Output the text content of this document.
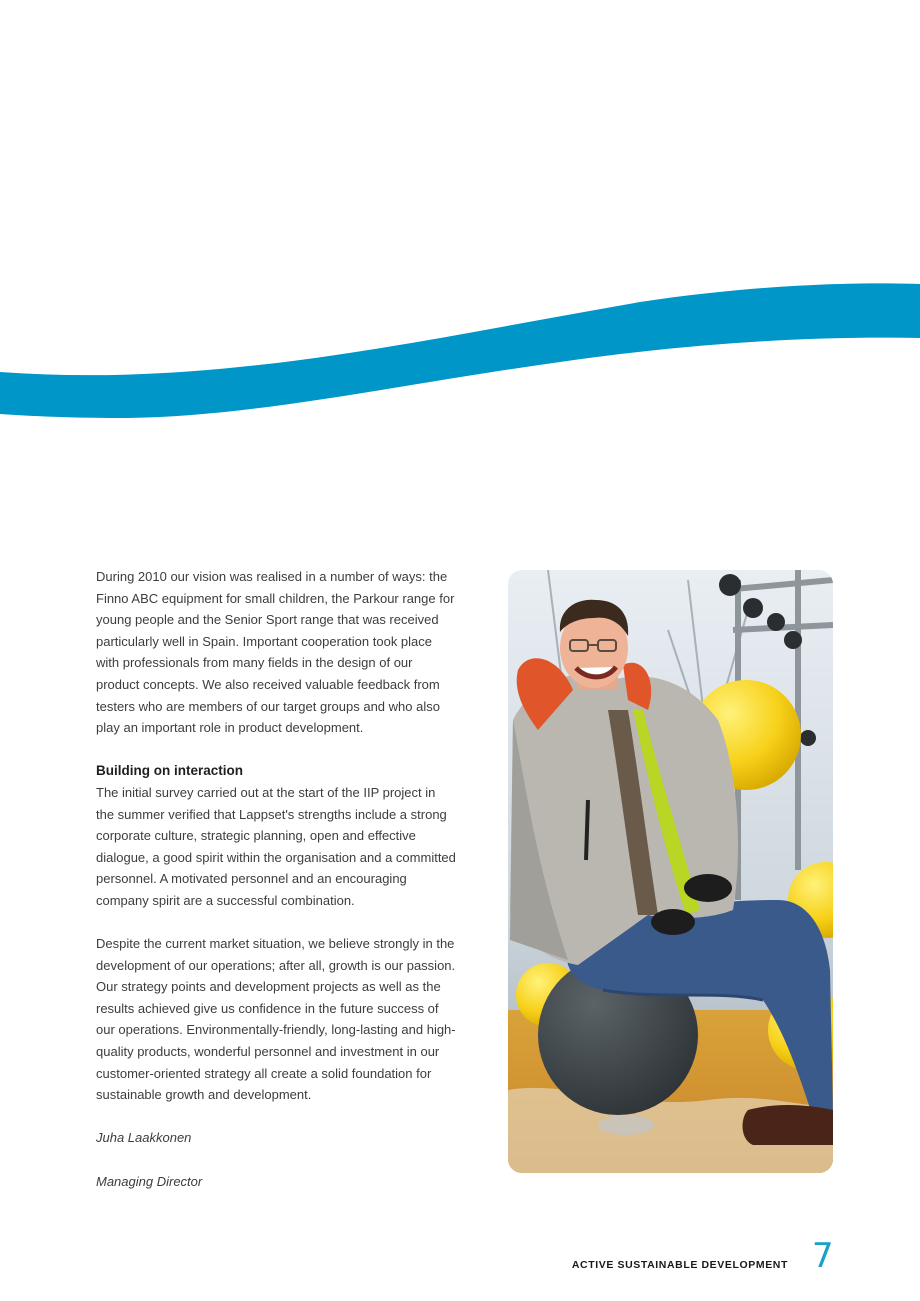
During 2010 our vision was realised in a number of ways: the Finno ABC equipment for small children, the Parkour range for young people and the Senior Sport range that was received particularly well in Spain. Important cooperation took place with professionals from many fields in the design of our product concepts. We also received valuable feedback from testers who are members of our target groups and who also play an important role in product development.

Building on interaction

The initial survey carried out at the start of the IIP project in the summer verified that Lappset's strengths include a strong corporate culture, strategic planning, open and effective dialogue, a good spirit within the organisation and a committed personnel. A motivated personnel and an encouraging company spirit are a successful combination.

Despite the current market situation, we believe strongly in the development of our operations; after all, growth is our passion. Our strategy points and development projects as well as the results achieved give us confidence in the future success of our operations. Environmentally-friendly, long-lasting and high-quality products, wonderful personnel and investment in our customer-oriented strategy all create a solid foundation for sustainable growth and development.

Juha Laakkonen

Managing Director

ACTIVE SUSTAINABLE DEVELOPMENT 7
